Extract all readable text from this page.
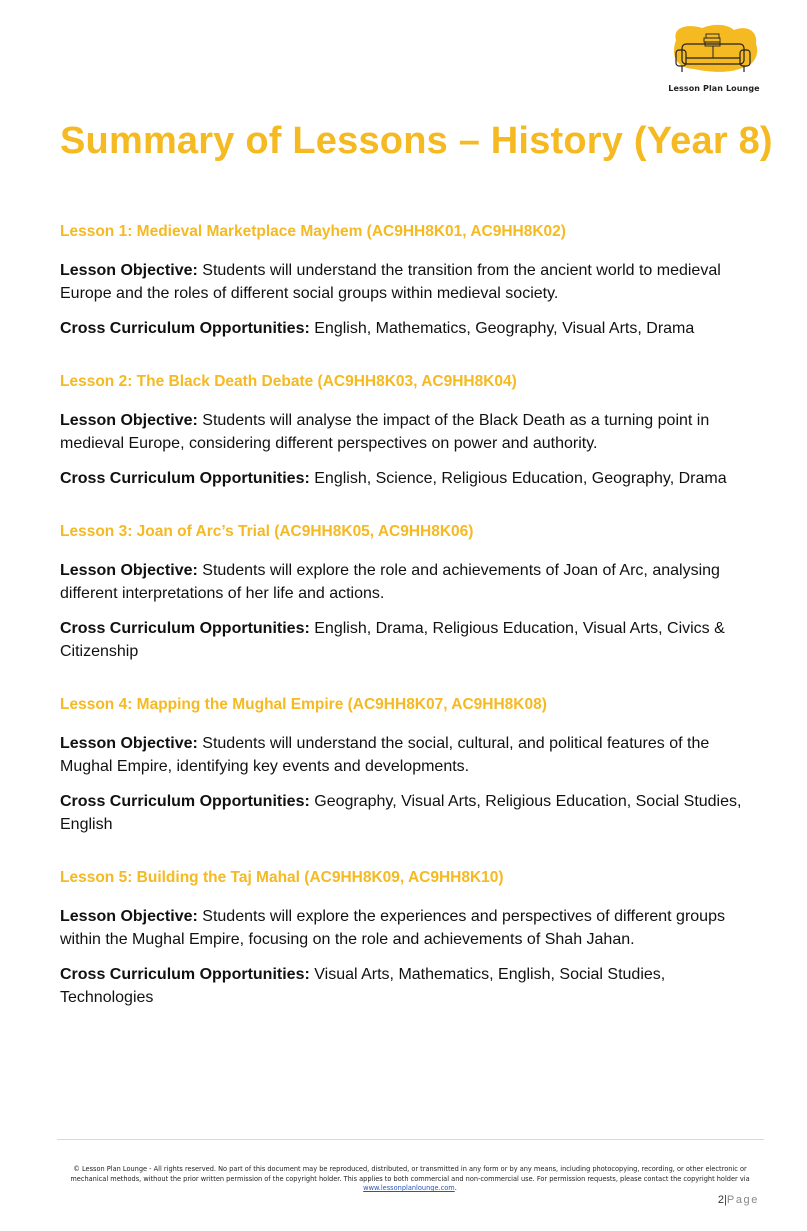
Lesson Plan Lounge
Summary of Lessons – History (Year 8)
Lesson 1: Medieval Marketplace Mayhem (AC9HH8K01, AC9HH8K02)

Lesson Objective: Students will understand the transition from the ancient world to medieval Europe and the roles of different social groups within medieval society.

Cross Curriculum Opportunities: English, Mathematics, Geography, Visual Arts, Drama

Lesson 2: The Black Death Debate (AC9HH8K03, AC9HH8K04)

Lesson Objective: Students will analyse the impact of the Black Death as a turning point in medieval Europe, considering different perspectives on power and authority.

Cross Curriculum Opportunities: English, Science, Religious Education, Geography, Drama

Lesson 3: Joan of Arc’s Trial (AC9HH8K05, AC9HH8K06)

Lesson Objective: Students will explore the role and achievements of Joan of Arc, analysing different interpretations of her life and actions.

Cross Curriculum Opportunities: English, Drama, Religious Education, Visual Arts, Civics & Citizenship

Lesson 4: Mapping the Mughal Empire (AC9HH8K07, AC9HH8K08)

Lesson Objective: Students will understand the social, cultural, and political features of the Mughal Empire, identifying key events and developments.

Cross Curriculum Opportunities: Geography, Visual Arts, Religious Education, Social Studies, English

Lesson 5: Building the Taj Mahal (AC9HH8K09, AC9HH8K10)

Lesson Objective: Students will explore the experiences and perspectives of different groups within the Mughal Empire, focusing on the role and achievements of Shah Jahan.

Cross Curriculum Opportunities: Visual Arts, Mathematics, English, Social Studies, Technologies

© Lesson Plan Lounge - All rights reserved. No part of this document may be reproduced, distributed, or transmitted in any form or by any means, including photocopying, recording, or other electronic or mechanical methods, without the prior written permission of the copyright holder. This applies to both commercial and non-commercial use. For permission requests, please contact the copyright holder via www.lessonplanlounge.com.
2|Page
